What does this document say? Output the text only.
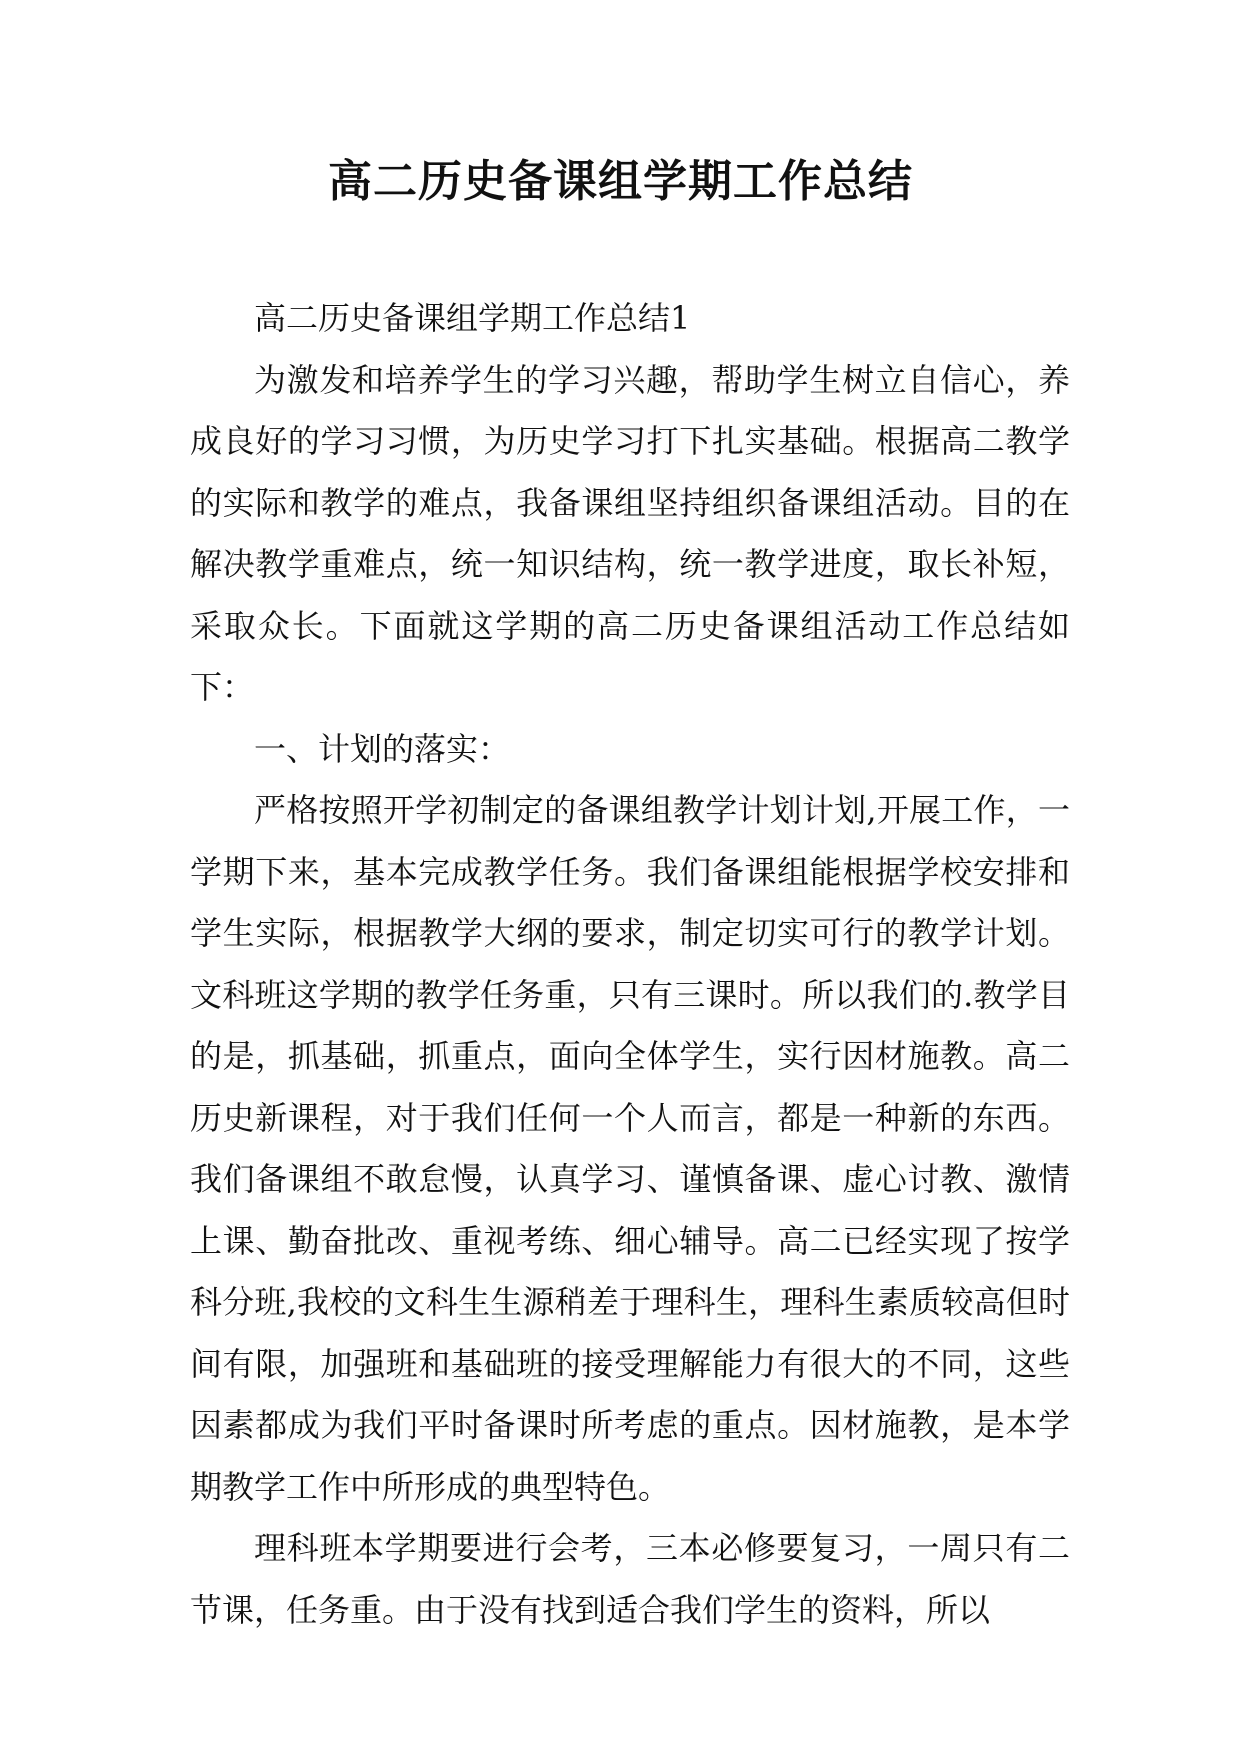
高二历史备课组学期工作总结

高二历史备课组学期工作总结1

为激发和培养学生的学习兴趣，帮助学生树立自信心，养成良好的学习习惯，为历史学习打下扎实基础。根据高二教学的实际和教学的难点，我备课组坚持组织备课组活动。目的在解决教学重难点，统一知识结构，统一教学进度，取长补短，采取众长。下面就这学期的高二历史备课组活动工作总结如下：

一、计划的落实：

严格按照开学初制定的备课组教学计划计划,开展工作，一学期下来，基本完成教学任务。我们备课组能根据学校安排和学生实际，根据教学大纲的要求，制定切实可行的教学计划。文科班这学期的教学任务重，只有三课时。所以我们的.教学目的是，抓基础，抓重点，面向全体学生，实行因材施教。高二历史新课程，对于我们任何一个人而言，都是一种新的东西。我们备课组不敢怠慢，认真学习、谨慎备课、虚心讨教、激情上课、勤奋批改、重视考练、细心辅导。高二已经实现了按学科分班,我校的文科生生源稍差于理科生，理科生素质较高但时间有限，加强班和基础班的接受理解能力有很大的不同，这些因素都成为我们平时备课时所考虑的重点。因材施教，是本学期教学工作中所形成的典型特色。

理科班本学期要进行会考，三本必修要复习，一周只有二节课，任务重。由于没有找到适合我们学生的资料，所以
